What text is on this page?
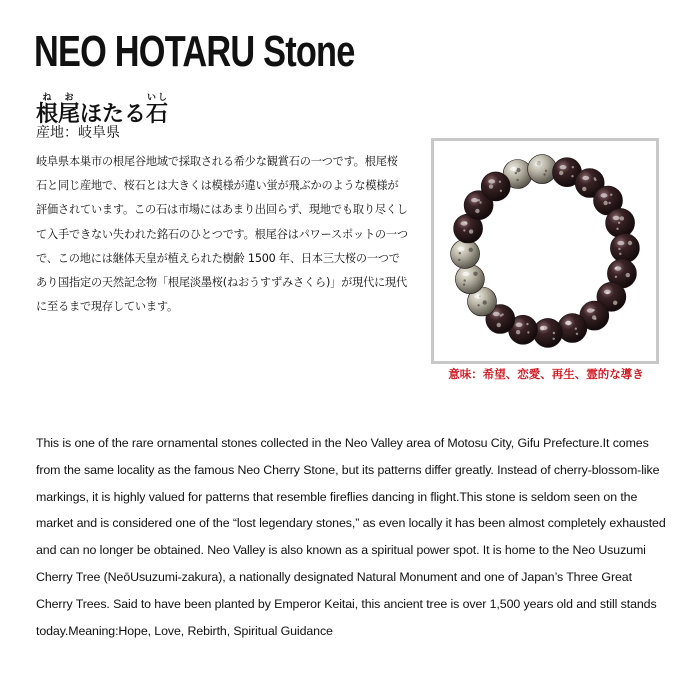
NEO HOTARU Stone
根ね尾おほたる石いし
産地：岐阜県
岐阜県本巣市の根尾谷地域で採取される希少な観賞石の一つです。根尾桜石と同じ産地で、桜石とは大きくは模様が違い蛍が飛ぶかのような模様が評価されています。この石は市場にはあまり出回らず、現地でも取り尽くして入手できない失われた銘石のひとつです。根尾谷はパワースポットの一つで、この地には継体天皇が植えられた樹齢 1500 年、日本三大桜の一つであり国指定の天然記念物「根尾淡墨桜(ねおうすずみさくら)」が現代に現代に至るまで現存しています。
意味：希望、恋愛、再生、霊的な導き
This is one of the rare ornamental stones collected in the Neo Valley area of Motosu City, Gifu Prefecture.It comes from the same locality as the famous Neo Cherry Stone, but its patterns differ greatly. Instead of cherry-blossom-like markings, it is highly valued for patterns that resemble fireflies dancing in flight.This stone is seldom seen on the market and is considered one of the “lost legendary stones,” as even locally it has been almost completely exhausted and can no longer be obtained. Neo Valley is also known as a spiritual power spot. It is home to the Neo Usuzumi Cherry Tree (NeōUsuzumi-zakura), a nationally designated Natural Monument and one of Japan’s Three Great Cherry Trees. Said to have been planted by Emperor Keitai, this ancient tree is over 1,500 years old and still stands today.Meaning:Hope, Love, Rebirth, Spiritual Guidance
